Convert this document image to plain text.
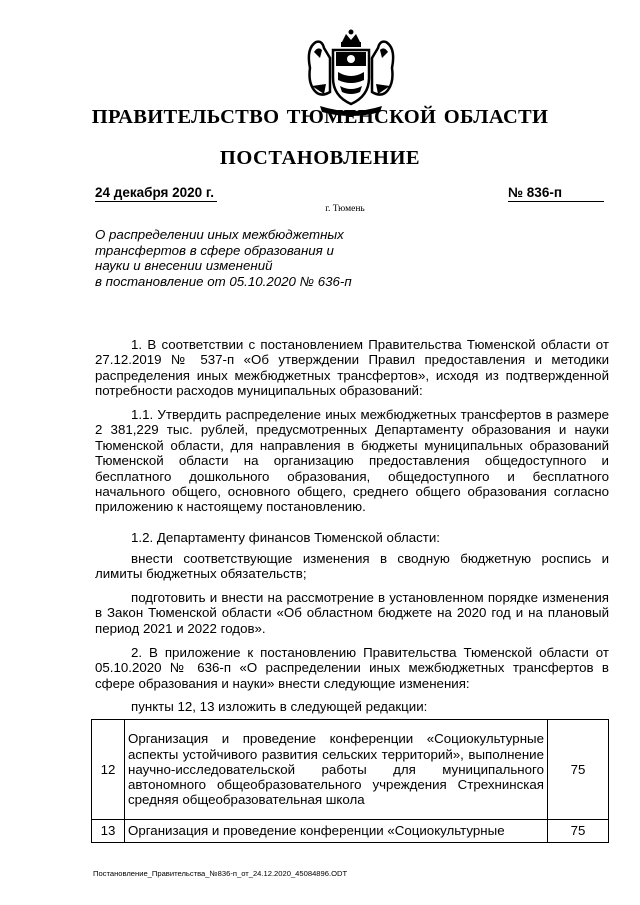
ПРАВИТЕЛЬСТВО ТЮМЕНСКОЙ ОБЛАСТИ
ПОСТАНОВЛЕНИЕ
24 декабря 2020 г.	№ 836-п
г. Тюмень
О распределении иных межбюджетных
трансфертов в сфере образования и
науки и внесении изменений
в постановление от 05.10.2020 № 636-п
1. В соответствии с постановлением Правительства Тюменской области от 27.12.2019 № 537-п «Об утверждении Правил предоставления и методики распределения иных межбюджетных трансфертов», исходя из подтвержденной потребности расходов муниципальных образований:
1.1. Утвердить распределение иных межбюджетных трансфертов в размере 2 381,229 тыс. рублей, предусмотренных Департаменту образования и науки Тюменской области, для направления в бюджеты муниципальных образований Тюменской области на организацию предоставления общедоступного и бесплатного дошкольного образования, общедоступного и бесплатного начального общего, основного общего, среднего общего образования согласно приложению к настоящему постановлению.
1.2. Департаменту финансов Тюменской области:
внести соответствующие изменения в сводную бюджетную роспись и лимиты бюджетных обязательств;
подготовить и внести на рассмотрение в установленном порядке изменения в Закон Тюменской области «Об областном бюджете на 2020 год и на плановый период 2021 и 2022 годов».
2. В приложение к постановлению Правительства Тюменской области от 05.10.2020 № 636-п «О распределении иных межбюджетных трансфертов в сфере образования и науки» внести следующие изменения:
пункты 12, 13 изложить в следующей редакции:
12	Организация и проведение конференции «Социокультурные аспекты устойчивого развития сельских территорий», выполнение научно-исследовательской работы для муниципального автономного общеобразовательного учреждения Стрехнинская средняя общеобразовательная школа	75
13	Организация и проведение конференции «Социокультурные	75
Постановление_Правительства_№836-п_от_24.12.2020_45084896.ODT
